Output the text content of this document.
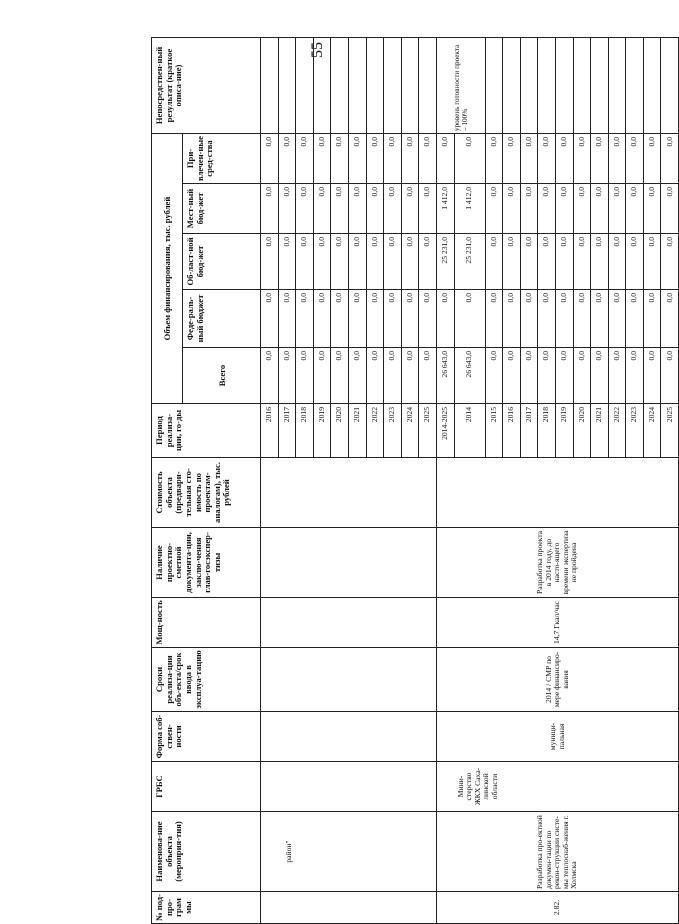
55
№ под-про-грам мы	Наименова-ние объекта (мероприя-тия)	ГРБС	Форма соб-ствен-ности	Сроки реализа-ции объ-екта/срок ввода в эксплуа-тацию	Мощ-ность	Наличие проектно-сметной документа-ции, заклю-чения глав-госэкспер-тизы	Стоимость объекта (предвари-тельная сто-имость по проектам-аналогам), тыс. рублей	Период реализа-ции, го-ды	Объем финансирования, тыс. рублей					Непосредствен-ный результат (краткое описа-ние)
									Всего	Феде-раль-ный бюджет	Об-ласт-ной бюд-жет	Мест-ный бюд-жет	При-влечен-ные сред-ства	
	район"							2016	0,0	0,0	0,0	0,0	0,0	
								2017	0,0	0,0	0,0	0,0	0,0	
								2018	0,0	0,0	0,0	0,0	0,0	
								2019	0,0	0,0	0,0	0,0	0,0	
								2020	0,0	0,0	0,0	0,0	0,0	
								2021	0,0	0,0	0,0	0,0	0,0	
								2022	0,0	0,0	0,0	0,0	0,0	
								2023	0,0	0,0	0,0	0,0	0,0	
								2024	0,0	0,0	0,0	0,0	0,0	
								2025	0,0	0,0	0,0	0,0	0,0	
2.82.	Разработка про-ектной докумен-тации по рекон-струкции систе-мы теплоснаб-жения г. Холмска	Мини-стерство ЖКХ Саха-линской области	муници-пальная	2014 / СМР по мере финансиро-вания	14,7 Гкал/час	Разработка проекта в 2014 году, до насто-ящего времени экспертиза не пройдена		2014-2025	26 643,0	0,0	25 231,0	1 412,0	0,0	уровень готовности проекта – 100%
								2014	26 643,0	0,0	25 231,0	1 412,0	0,0	
								2015	0,0	0,0	0,0	0,0	0,0	
								2016	0,0	0,0	0,0	0,0	0,0	
								2017	0,0	0,0	0,0	0,0	0,0	
								2018	0,0	0,0	0,0	0,0	0,0	
								2019	0,0	0,0	0,0	0,0	0,0	
								2020	0,0	0,0	0,0	0,0	0,0	
								2021	0,0	0,0	0,0	0,0	0,0	
								2022	0,0	0,0	0,0	0,0	0,0	
								2023	0,0	0,0	0,0	0,0	0,0	
								2024	0,0	0,0	0,0	0,0	0,0	
								2025	0,0	0,0	0,0	0,0	0,0	
